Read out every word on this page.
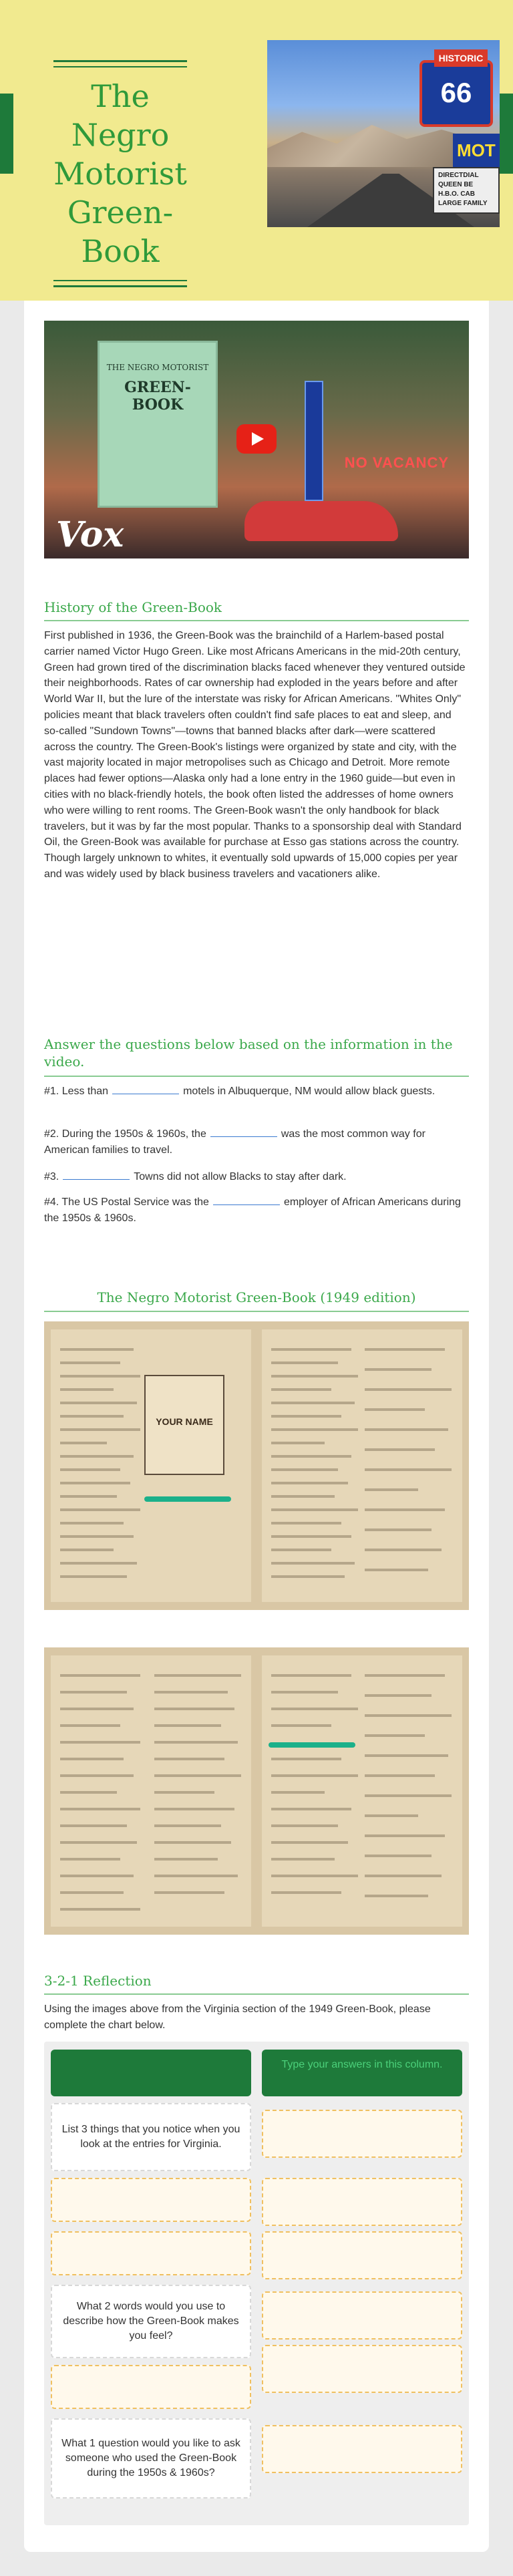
The Negro
Motorist
Green-Book
66
HISTORIC
MOT
DIRECTDIAL QUEEN BE H.B.O. CAB LARGE FAMILY
THE NEGRO MOTORIST
GREEN-BOOK
NO VACANCY
Vox
History of the Green-Book
First published in 1936, the Green-Book was the brainchild of a Harlem-based postal carrier named Victor Hugo Green. Like most Africans Americans in the mid-20th century, Green had grown tired of the discrimination blacks faced whenever they ventured outside their neighborhoods. Rates of car ownership had exploded in the years before and after World War II, but the lure of the interstate was risky for African Americans. "Whites Only" policies meant that black travelers often couldn't find safe places to eat and sleep, and so-called "Sundown Towns"—towns that banned blacks after dark—were scattered across the country. The Green-Book's listings were organized by state and city, with the vast majority located in major metropolises such as Chicago and Detroit. More remote places had fewer options—Alaska only had a lone entry in the 1960 guide—but even in cities with no black-friendly hotels, the book often listed the addresses of home owners who were willing to rent rooms. The Green-Book wasn't the only handbook for black travelers, but it was by far the most popular. Thanks to a sponsorship deal with Standard Oil, the Green-Book was available for purchase at Esso gas stations across the country. Though largely unknown to whites, it eventually sold upwards of 15,000 copies per year and was widely used by black business travelers and vacationers alike.
Answer the questions below based on the information in the video.
#1. Less than	motels in Albuquerque, NM would allow black guests.
#2. During the 1950s & 1960s, the	was the most common way for American families to travel.
#3.	Towns did not allow Blacks to stay after dark.
#4. The US Postal Service was the	employer of African Americans during the 1950s & 1960s.
The Negro Motorist Green-Book (1949 edition)
YOUR NAME
3-2-1 Reflection
Using the images above from the Virginia section of the 1949 Green-Book, please complete the chart below.
Type your answers in this column.
List 3 things that you notice when you look at the entries for Virginia.
What 2 words would you use to describe how the Green-Book makes you feel?
What 1 question would you like to ask someone who used the Green-Book during the 1950s & 1960s?
